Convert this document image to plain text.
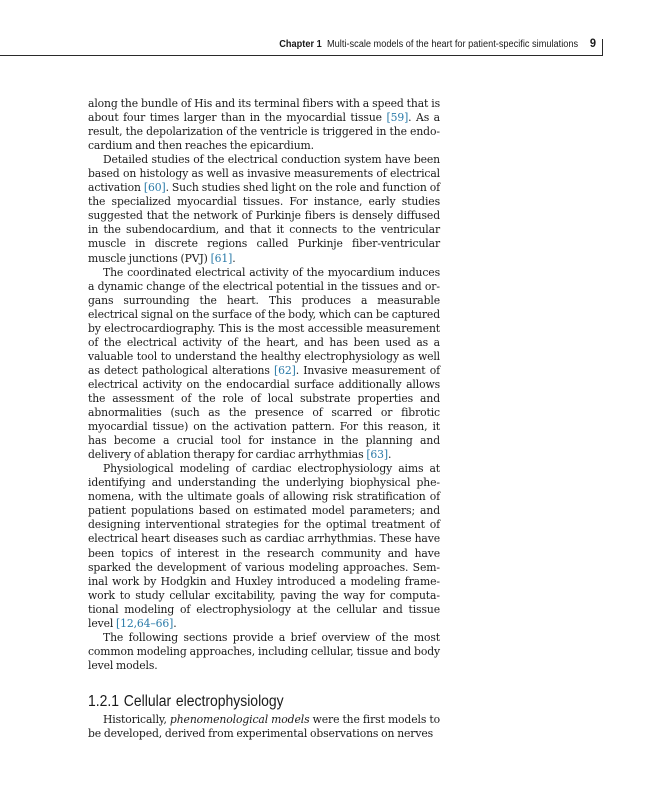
Chapter 1 Multi-scale models of the heart for patient-specific simulations 9

along the bundle of His and its terminal fibers with a speed that is about four times larger than in the myocardial tissue [59]. As a result, the depolarization of the ventricle is triggered in the endocardium and then reaches the epicardium.

Detailed studies of the electrical conduction system have been based on histology as well as invasive measurements of electrical activation [60]. Such studies shed light on the role and function of the specialized myocardial tissues. For instance, early studies suggested that the network of Purkinje fibers is densely diffused in the subendocardium, and that it connects to the ventricular muscle in discrete regions called Purkinje fiber-ventricular muscle junctions (PVJ) [61].

The coordinated electrical activity of the myocardium induces a dynamic change of the electrical potential in the tissues and organs surrounding the heart. This produces a measurable electrical signal on the surface of the body, which can be captured by electrocardiography. This is the most accessible measurement of the electrical activity of the heart, and has been used as a valuable tool to understand the healthy electrophysiology as well as detect pathological alterations [62]. Invasive measurement of electrical activity on the endocardial surface additionally allows the assessment of the role of local substrate properties and abnormalities (such as the presence of scarred or fibrotic myocardial tissue) on the activation pattern. For this reason, it has become a crucial tool for instance in the planning and delivery of ablation therapy for cardiac arrhythmias [63].

Physiological modeling of cardiac electrophysiology aims at identifying and understanding the underlying biophysical phenomena, with the ultimate goals of allowing risk stratification of patient populations based on estimated model parameters; and designing interventional strategies for the optimal treatment of electrical heart diseases such as cardiac arrhythmias. These have been topics of interest in the research community and have sparked the development of various modeling approaches. Seminal work by Hodgkin and Huxley introduced a modeling framework to study cellular excitability, paving the way for computational modeling of electrophysiology at the cellular and tissue level [12,64–66].

The following sections provide a brief overview of the most common modeling approaches, including cellular, tissue and body level models.

1.2.1 Cellular electrophysiology

Historically, phenomenological models were the first models to be developed, derived from experimental observations on nerves
